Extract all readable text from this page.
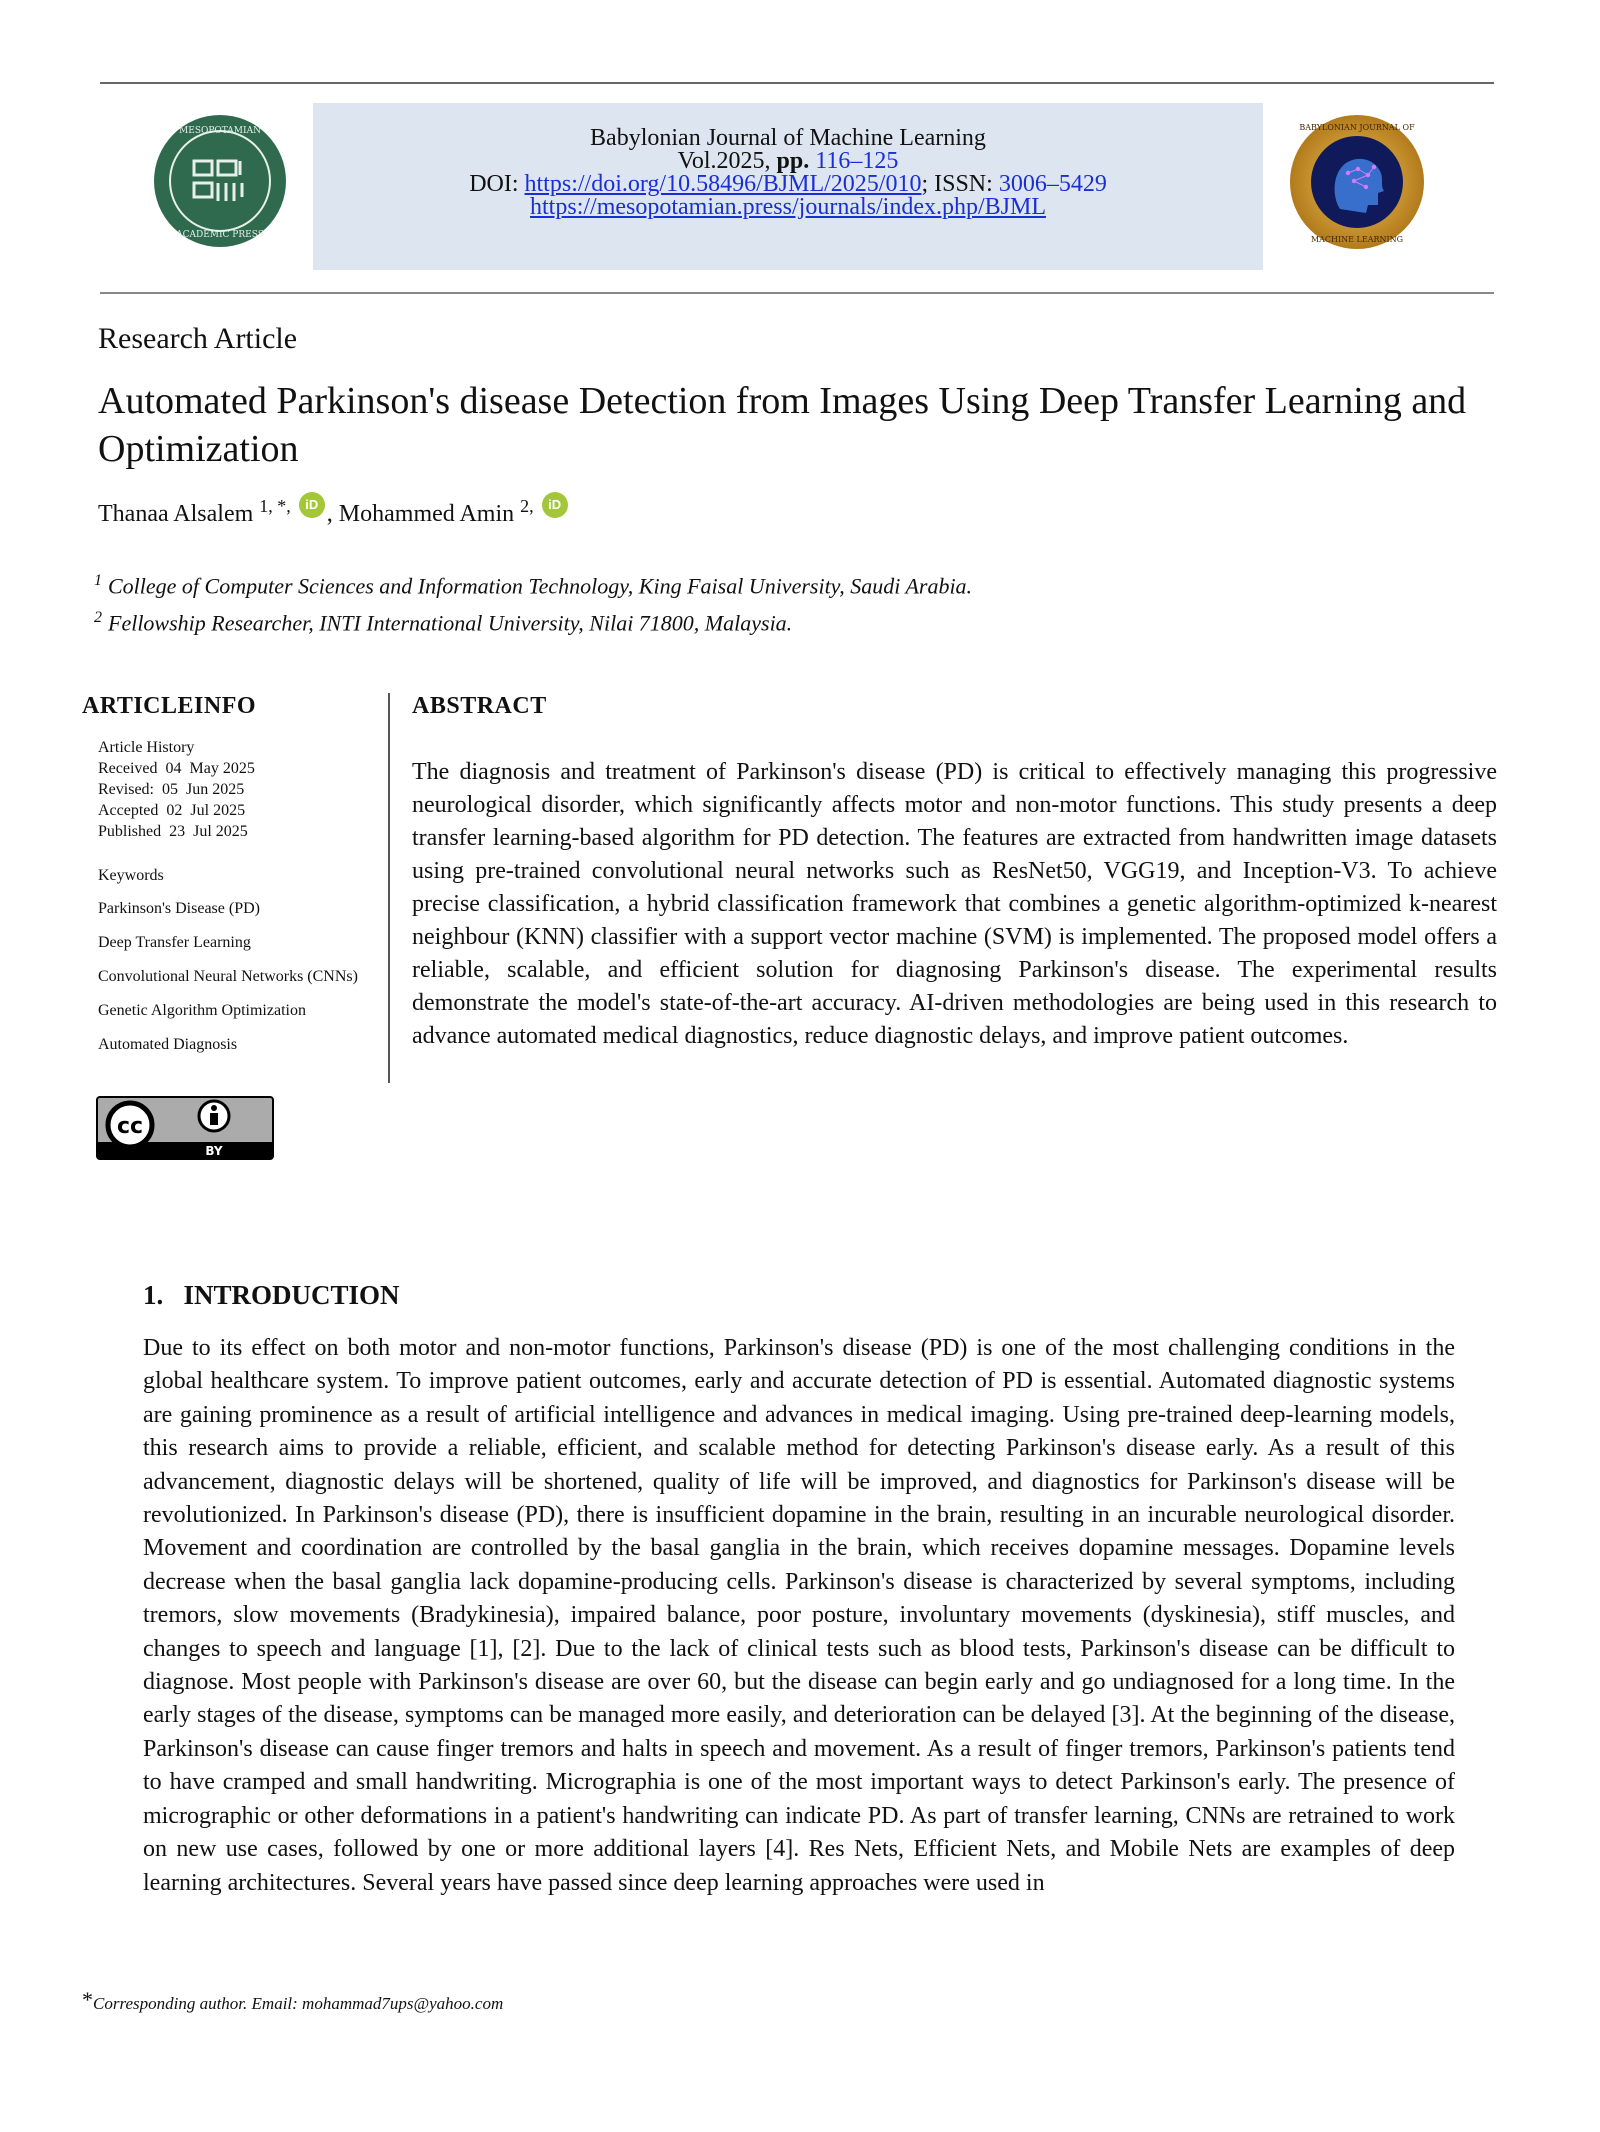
MESOPOTAMIAN
ACADEMIC PRESS
Babylonian Journal of Machine Learning
Vol.2025, pp. 116–125
DOI: https://doi.org/10.58496/BJML/2025/010; ISSN: 3006–5429
https://mesopotamian.press/journals/index.php/BJML
BABYLONIAN JOURNAL OF
MACHINE LEARNING
Research Article
Automated Parkinson's disease Detection from Images Using Deep Transfer Learning and Optimization
Thanaa Alsalem $^{1, *,}$ iD , Mohammed Amin $^{2,}$ iD
$^1$ College of Computer Sciences and Information Technology, King Faisal University, Saudi Arabia.
$^2$ Fellowship Researcher, INTI International University, Nilai 71800, Malaysia.
ARTICLEINFO
Article History
Received  04  May 2025
Revised:  05  Jun 2025
Accepted  02  Jul 2025
Published  23  Jul 2025
Keywords
Parkinson's Disease (PD)
Deep Transfer Learning
Convolutional Neural Networks (CNNs)
Genetic Algorithm Optimization
Automated Diagnosis
cc
BY
ABSTRACT
The diagnosis and treatment of Parkinson's disease (PD) is critical to effectively managing this progressive neurological disorder, which significantly affects motor and non-motor functions. This study presents a deep transfer learning-based algorithm for PD detection. The features are extracted from handwritten image datasets using pre-trained convolutional neural networks such as ResNet50, VGG19, and Inception-V3. To achieve precise classification, a hybrid classification framework that combines a genetic algorithm-optimized k-nearest neighbour (KNN) classifier with a support vector machine (SVM) is implemented. The proposed model offers a reliable, scalable, and efficient solution for diagnosing Parkinson's disease. The experimental results demonstrate the model's state-of-the-art accuracy. AI-driven methodologies are being used in this research to advance automated medical diagnostics, reduce diagnostic delays, and improve patient outcomes.
1.   INTRODUCTION
Due to its effect on both motor and non-motor functions, Parkinson's disease (PD) is one of the most challenging conditions in the global healthcare system. To improve patient outcomes, early and accurate detection of PD is essential. Automated diagnostic systems are gaining prominence as a result of artificial intelligence and advances in medical imaging. Using pre-trained deep-learning models, this research aims to provide a reliable, efficient, and scalable method for detecting Parkinson's disease early. As a result of this advancement, diagnostic delays will be shortened, quality of life will be improved, and diagnostics for Parkinson's disease will be revolutionized. In Parkinson's disease (PD), there is insufficient dopamine in the brain, resulting in an incurable neurological disorder. Movement and coordination are controlled by the basal ganglia in the brain, which receives dopamine messages. Dopamine levels decrease when the basal ganglia lack dopamine-producing cells. Parkinson's disease is characterized by several symptoms, including tremors, slow movements (Bradykinesia), impaired balance, poor posture, involuntary movements (dyskinesia), stiff muscles, and changes to speech and language [1], [2]. Due to the lack of clinical tests such as blood tests, Parkinson's disease can be difficult to diagnose. Most people with Parkinson's disease are over 60, but the disease can begin early and go undiagnosed for a long time. In the early stages of the disease, symptoms can be managed more easily, and deterioration can be delayed [3]. At the beginning of the disease, Parkinson's disease can cause finger tremors and halts in speech and movement. As a result of finger tremors, Parkinson's patients tend to have cramped and small handwriting. Micrographia is one of the most important ways to detect Parkinson's early. The presence of micrographic or other deformations in a patient's handwriting can indicate PD. As part of transfer learning, CNNs are retrained to work on new use cases, followed by one or more additional layers [4]. Res Nets, Efficient Nets, and Mobile Nets are examples of deep learning architectures. Several years have passed since deep learning approaches were used in
*Corresponding author. Email: mohammad7ups@yahoo.com
